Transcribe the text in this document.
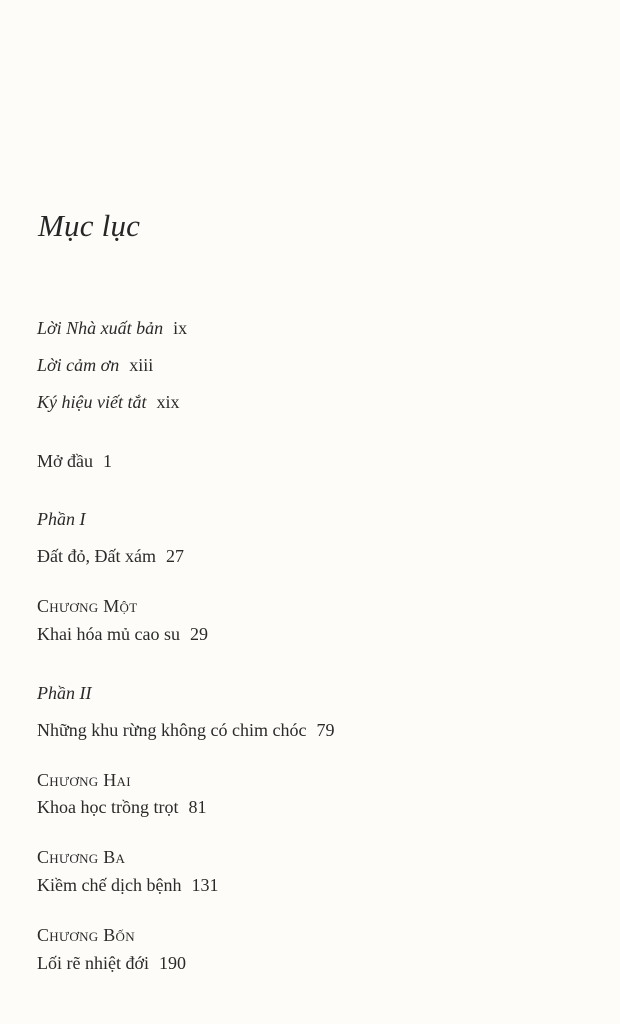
Mục lục
Lời Nhà xuất bản ix
Lời cảm ơn xiii
Ký hiệu viết tắt xix
Mở đầu 1
Phần I
Đất đỏ, Đất xám 27
Chương Một
Khai hóa mủ cao su 29
Phần II
Những khu rừng không có chim chóc 79
Chương Hai
Khoa học trồng trọt 81
Chương Ba
Kiềm chế dịch bệnh 131
Chương Bốn
Lối rẽ nhiệt đới 190
